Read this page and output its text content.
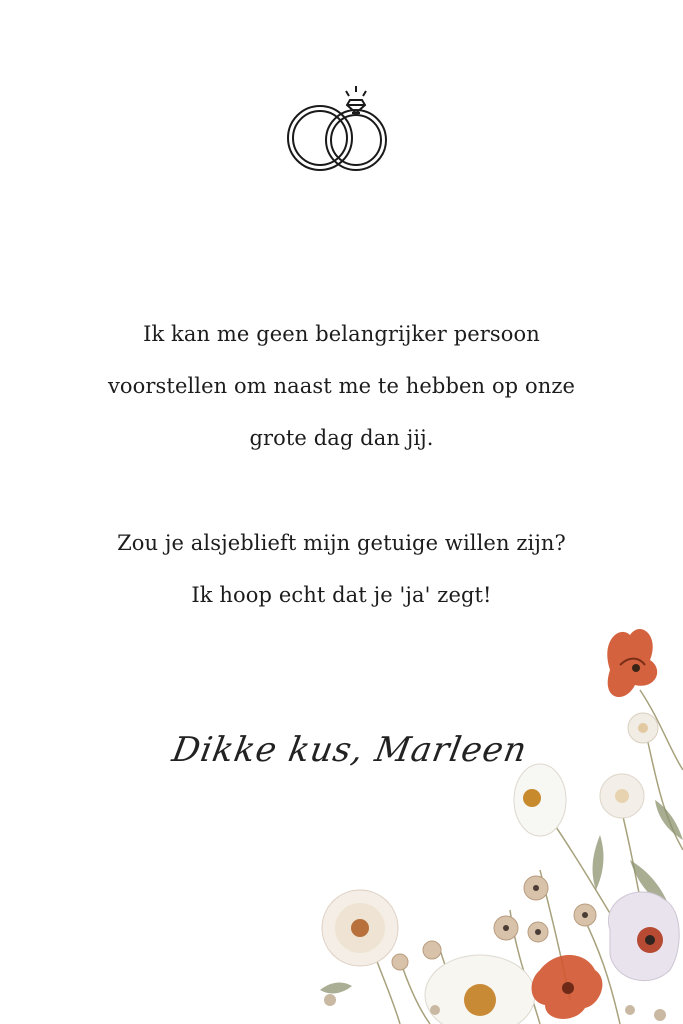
Ik kan me geen belangrijker persoon
voorstellen om naast me te hebben op onze
grote dag dan jij.
Zou je alsjeblieft mijn getuige willen zijn?
Ik hoop echt dat je 'ja' zegt!
Dikke kus, Marleen
